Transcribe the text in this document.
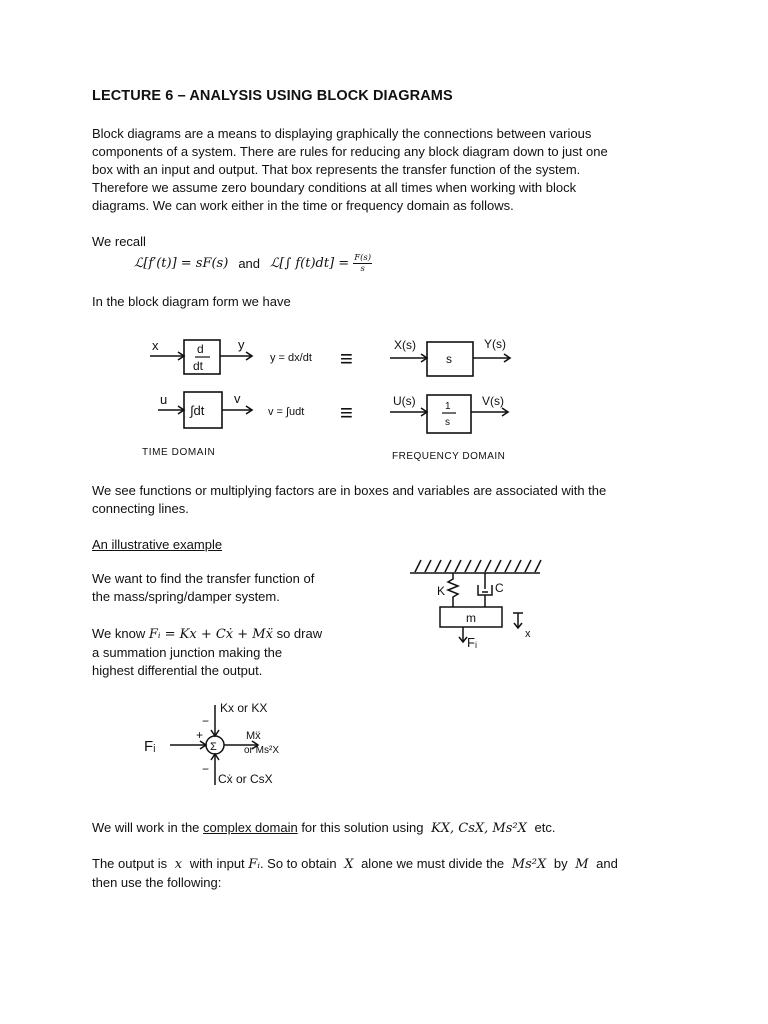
LECTURE 6 – ANALYSIS USING BLOCK DIAGRAMS
Block diagrams are a means to displaying graphically the connections between various
components of a system. There are rules for reducing any block diagram down to just one
box with an input and output. That box represents the transfer function of the system.
Therefore we assume zero boundary conditions at all times when working with block
diagrams. We can work either in the time or frequency domain as follows.
We recall
ℒ[f′(t)] = sF(s) and ℒ[∫ $f(t)dt] = \frac{F(s)}{s}$
In the block diagram form we have
x	d
dt
y
y = dx/dt
u
∫dt
v
v = ∫udt
≡
≡
TIME DOMAIN
X(s)
s
Y(s)
U(s)	1
s
V(s)
FREQUENCY DOMAIN
We see functions or multiplying factors are in boxes and variables are associated with the
connecting lines.
An illustrative example
We want to find the transfer function of
the mass/spring/damper system.
We know Fᵢ = Kx + Cẋ + Mẍ so draw
a summation junction making the
highest differential the output.
K	C
m
Fᵢ
x
Fᵢ	Σ
Kx or KX
Mẍ
or Ms²X
Cẋ or CsX
+
−
−
We will work in the complex domain for this solution using KX, CsX, Ms²X etc.
The output is x with input Fᵢ. So to obtain X alone we must divide the Ms²X by M and
then use the following:
